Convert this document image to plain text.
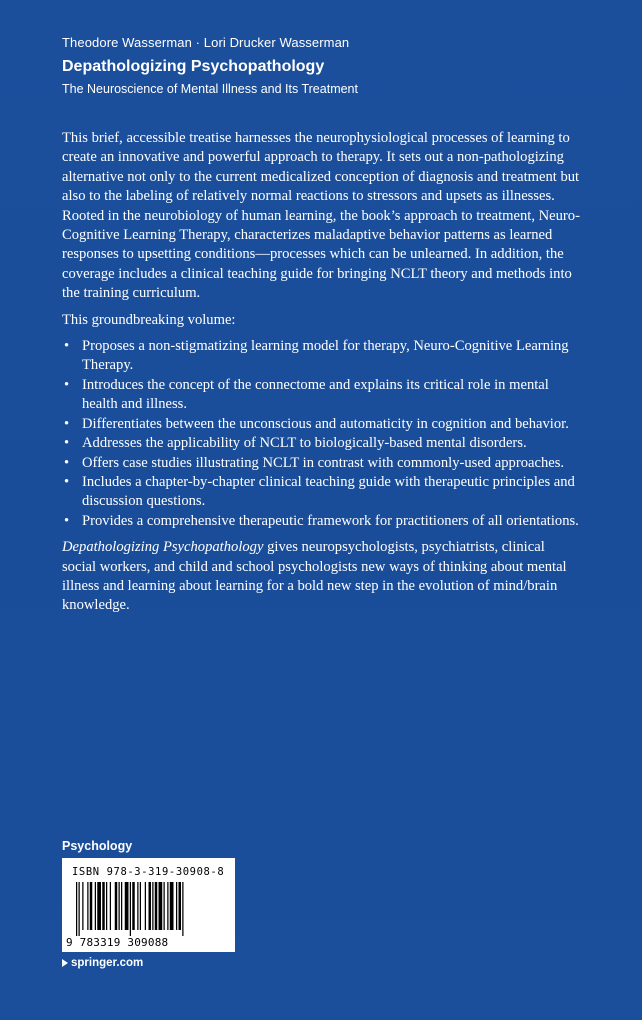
Theodore Wasserman · Lori Drucker Wasserman
Depathologizing Psychopathology
The Neuroscience of Mental Illness and Its Treatment

This brief, accessible treatise harnesses the neurophysiological processes of learning to create an innovative and powerful approach to therapy. It sets out a non-pathologizing alternative not only to the current medicalized conception of diagnosis and treatment but also to the labeling of relatively normal reactions to stressors and upsets as illnesses. Rooted in the neurobiology of human learning, the book’s approach to treatment, Neuro-Cognitive Learning Therapy, characterizes maladaptive behavior patterns as learned responses to upsetting conditions—processes which can be unlearned. In addition, the coverage includes a clinical teaching guide for bringing NCLT theory and methods into the training curriculum.

This groundbreaking volume:

• Proposes a non-stigmatizing learning model for therapy, Neuro-Cognitive Learning Therapy.
• Introduces the concept of the connectome and explains its critical role in mental health and illness.
• Differentiates between the unconscious and automaticity in cognition and behavior.
• Addresses the applicability of NCLT to biologically-based mental disorders.
• Offers case studies illustrating NCLT in contrast with commonly-used approaches.
• Includes a chapter-by-chapter clinical teaching guide with therapeutic principles and discussion questions.
• Provides a comprehensive therapeutic framework for practitioners of all orientations.

Depathologizing Psychopathology gives neuropsychologists, psychiatrists, clinical social workers, and child and school psychologists new ways of thinking about mental illness and learning about learning for a bold new step in the evolution of mind/brain knowledge.

Psychology
ISBN 978-3-319-30908-8
9 783319 309088
springer.com
